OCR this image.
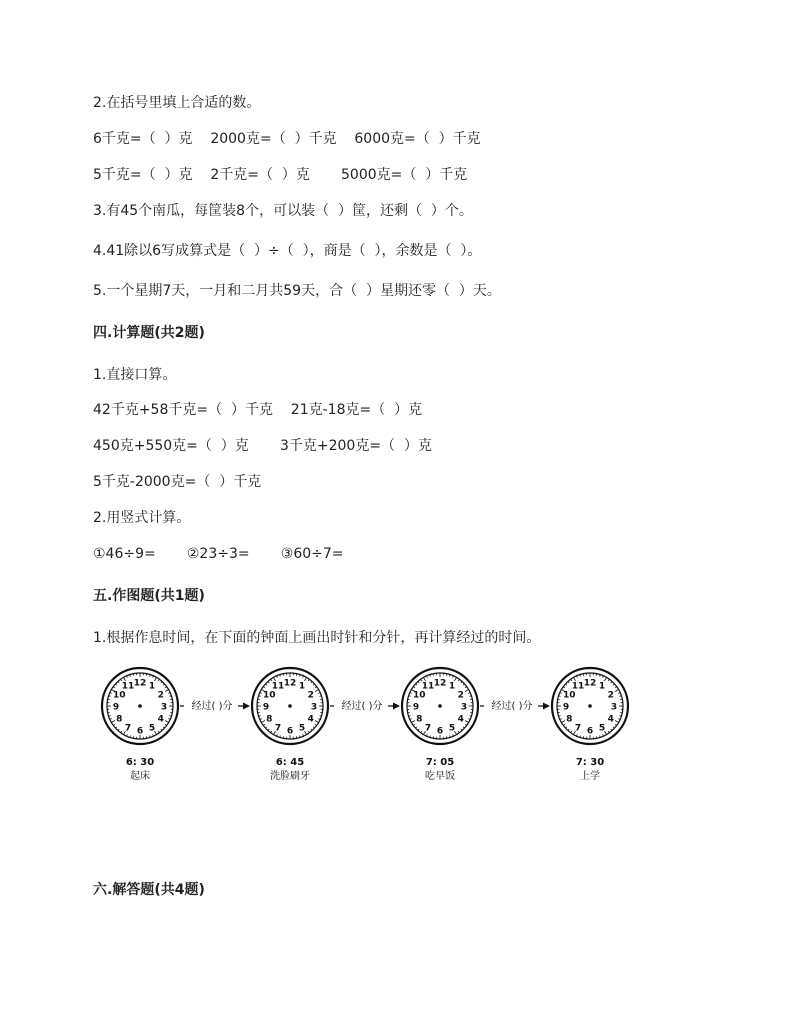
2.在括号里填上合适的数。
6千克=（  ）克    2000克=（  ）千克    6000克=（  ）千克
5千克=（  ）克    2千克=（  ）克       5000克=（  ）千克
3.有45个南瓜，每筐装8个，可以装（  ）筐，还剩（  ）个。
4.41除以6写成算式是（  ）÷（  ），商是（  ），余数是（  ）。
5.一个星期7天，一月和二月共59天，合（  ）星期还零（  ）天。
四.计算题(共2题)
1.直接口算。
42千克+58千克=（  ）千克    21克-18克=（  ）克
450克+550克=（  ）克       3千克+200克=（  ）克
5千克-2000克=（  ）千克
2.用竖式计算。
①46÷9=       ②23÷3=       ③60÷7=
五.作图题(共1题)
1.根据作息时间，在下面的钟面上画出时针和分针，再计算经过的时间。
12 1
2
3
4
5
6
7
8
9
10
11
6: 30
起床
12 1
2
3
4
5
6
7
8
9
10
11
6: 45
洗脸刷牙
12 1
2
3
4
5
6
7
8
9
10
11
7: 05
吃早饭
12 1
2
3
4
5
6
7
8
9
10
11
7: 30
上学
经过( )分	经过( )分	经过( )分
六.解答题(共4题)
